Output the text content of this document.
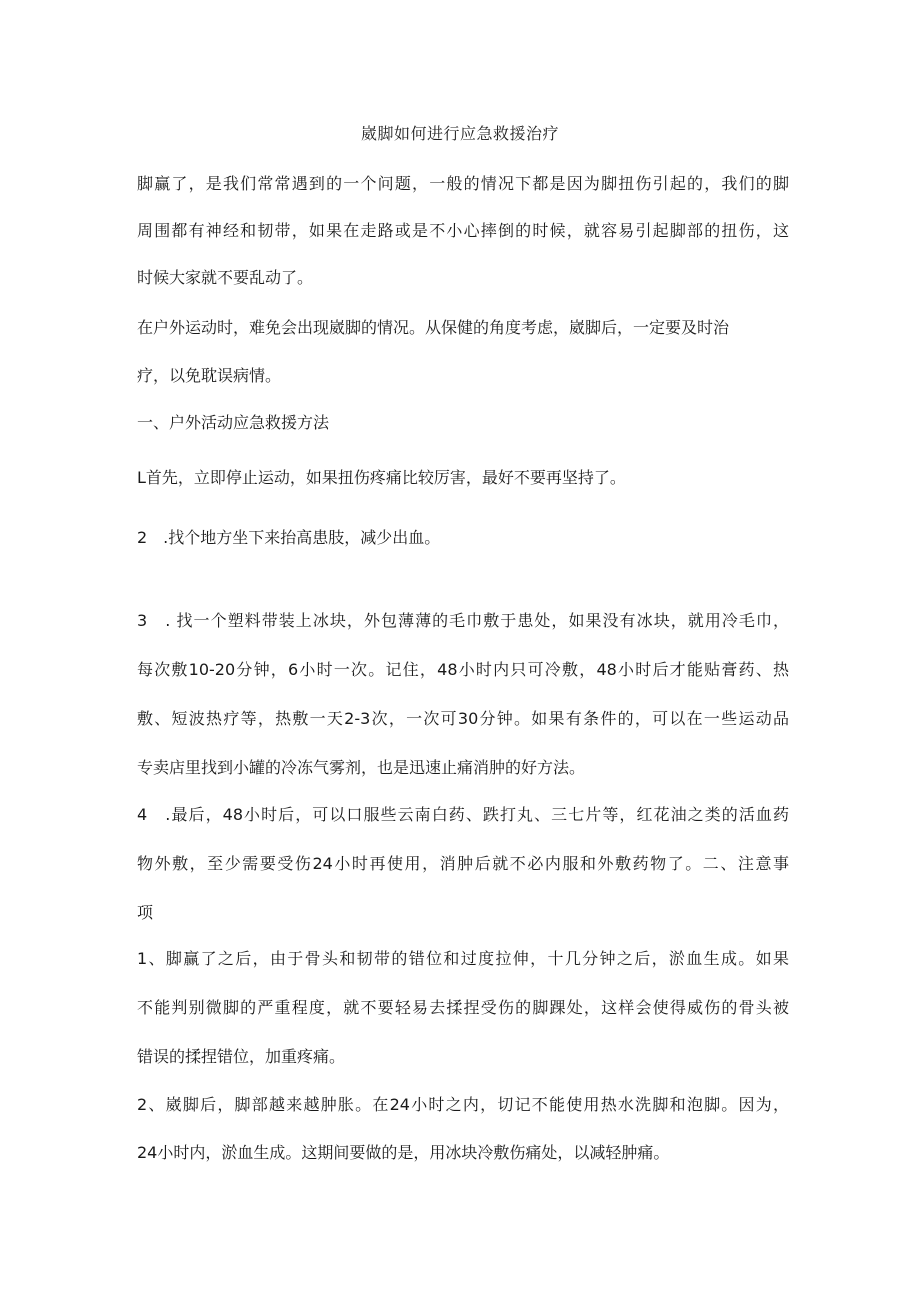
崴脚如何进行应急救援治疗
脚赢了，是我们常常遇到的一个问题，一般的情况下都是因为脚扭伤引起的，我们的脚
周围都有神经和韧带，如果在走路或是不小心摔倒的时候，就容易引起脚部的扭伤，这
时候大家就不要乱动了。
在户外运动时，难免会出现崴脚的情况。从保健的角度考虑，崴脚后，一定要及时治
疗，以免耽误病情。
一、户外活动应急救援方法
L首先，立即停止运动，如果扭伤疼痛比较厉害，最好不要再坚持了。
2　.找个地方坐下来抬高患肢，减少出血。
3　. 找一个塑料带装上冰块，外包薄薄的毛巾敷于患处，如果没有冰块，就用冷毛巾，
每次敷10-20分钟，6小时一次。记住，48小时内只可冷敷，48小时后才能贴膏药、热
敷、短波热疗等，热敷一天2-3次，一次可30分钟。如果有条件的，可以在一些运动品
专卖店里找到小罐的冷冻气雾剂，也是迅速止痛消肿的好方法。
4　.最后，48小时后，可以口服些云南白药、跌打丸、三七片等，红花油之类的活血药
物外敷，至少需要受伤24小时再使用，消肿后就不必内服和外敷药物了。二、注意事
项
1、脚赢了之后，由于骨头和韧带的错位和过度拉伸，十几分钟之后，淤血生成。如果
不能判别微脚的严重程度，就不要轻易去揉捏受伤的脚踝处，这样会使得威伤的骨头被
错误的揉捏错位，加重疼痛。
2、崴脚后，脚部越来越肿胀。在24小时之内，切记不能使用热水洗脚和泡脚。因为，
24小时内，淤血生成。这期间要做的是，用冰块冷敷伤痛处，以减轻肿痛。
